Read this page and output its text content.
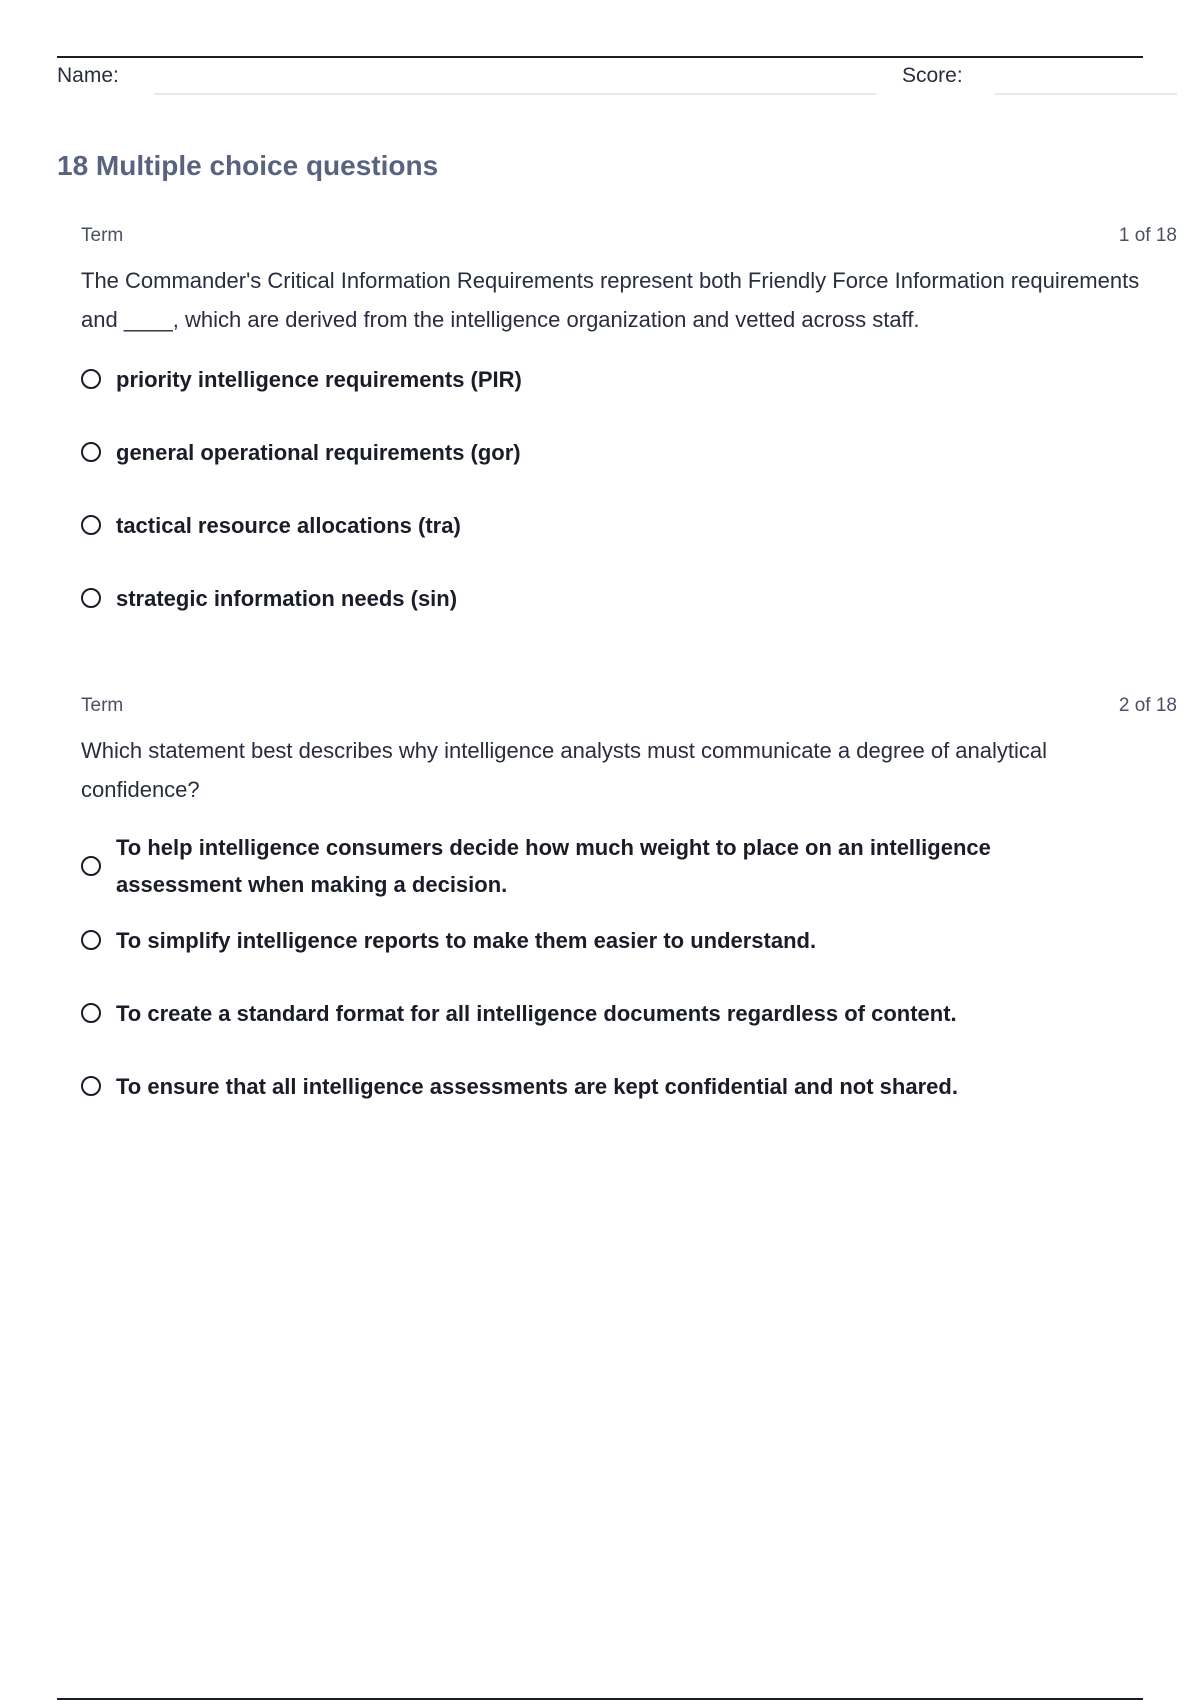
Name:	Score:
18 Multiple choice questions
Term	1 of 18

The Commander's Critical Information Requirements represent both Friendly Force Information requirements and ____, which are derived from the intelligence organization and vetted across staff.

priority intelligence requirements (PIR)
general operational requirements (gor)
tactical resource allocations (tra)
strategic information needs (sin)
Term	2 of 18

Which statement best describes why intelligence analysts must communicate a degree of analytical confidence?

To help intelligence consumers decide how much weight to place on an intelligence assessment when making a decision.
To simplify intelligence reports to make them easier to understand.
To create a standard format for all intelligence documents regardless of content.
To ensure that all intelligence assessments are kept confidential and not shared.
